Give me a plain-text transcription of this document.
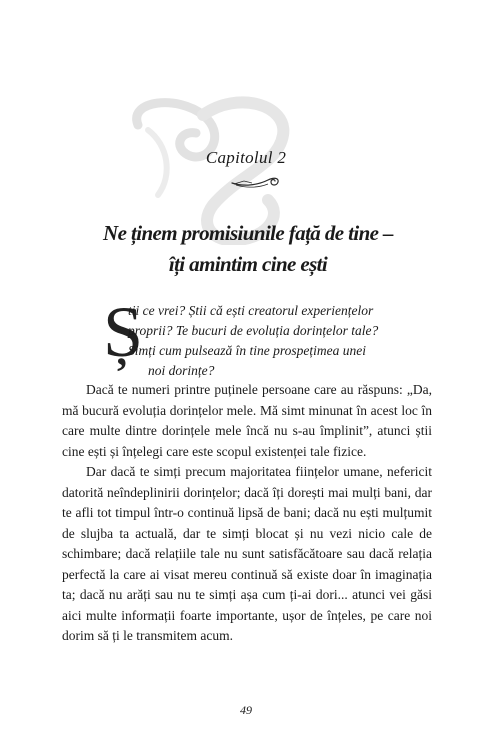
Capitolul 2
Ne ținem promisiunile față de tine –
îți amintim cine ești
Ș
tii ce vrei? Știi că ești creatorul experiențelor
proprii? Te bucuri de evoluția dorințelor tale?
Simți cum pulsează în tine prospețimea unei
noi dorințe?

Dacă te numeri printre puținele persoane care au răspuns: „Da, mă bucură evoluția dorințelor mele. Mă simt minunat în acest loc în care multe dintre dorințele mele încă nu s-au împlinit”, atunci știi cine ești și înțelegi care este scopul existenței tale fizice.

Dar dacă te simți precum majoritatea ființelor umane, nefericit datorită neîndeplinirii dorințelor; dacă îți dorești mai mulți bani, dar te afli tot timpul într-o continuă lipsă de bani; dacă nu ești mulțumit de slujba ta actuală, dar te simți blocat și nu vezi nicio cale de schimbare; dacă relațiile tale nu sunt satisfăcătoare sau dacă relația perfectă la care ai visat mereu continuă să existe doar în imaginația ta; dacă nu arăți sau nu te simți așa cum ți-ai dori... atunci vei găsi aici multe informații foarte importante, ușor de înțeles, pe care noi dorim să ți le transmitem acum.

49
